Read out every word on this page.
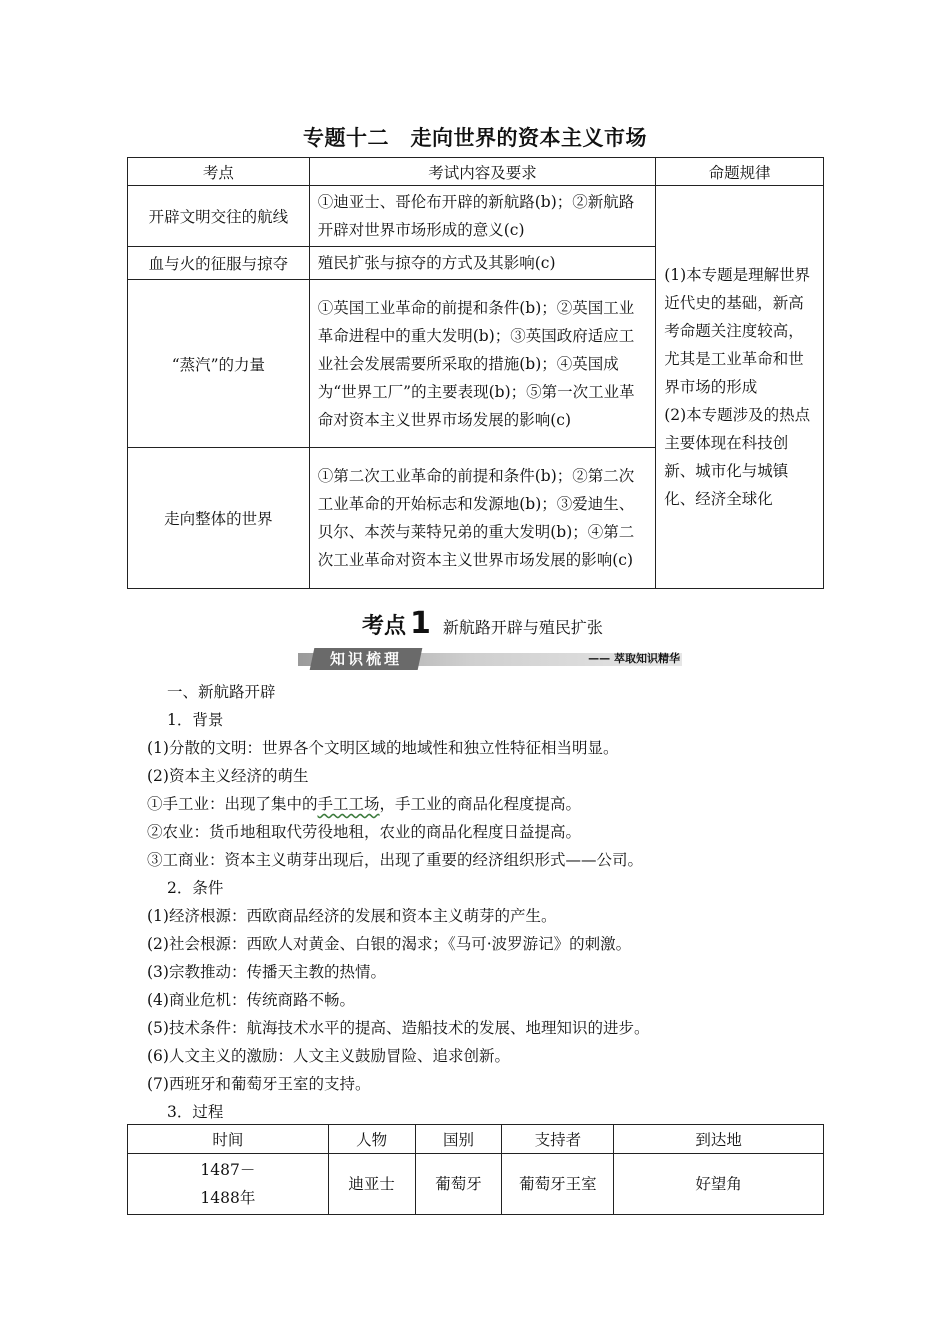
专题十二　走向世界的资本主义市场
考点	考试内容及要求	命题规律
开辟文明交往的航线	①迪亚士、哥伦布开辟的新航路(b)；②新航路开辟对世界市场形成的意义(c)	(1)本专题是理解世界近代史的基础，新高考命题关注度较高，尤其是工业革命和世界市场的形成
(2)本专题涉及的热点主要体现在科技创新、城市化与城镇化、经济全球化

血与火的征服与掠夺	殖民扩张与掠夺的方式及其影响(c)	
“蒸汽”的力量	①英国工业革命的前提和条件(b)；②英国工业革命进程中的重大发明(b)；③英国政府适应工业社会发展需要所采取的措施(b)；④英国成为“世界工厂”的主要表现(b)；⑤第一次工业革命对资本主义世界市场发展的影响(c)	
走向整体的世界	①第二次工业革命的前提和条件(b)；②第二次工业革命的开始标志和发源地(b)；③爱迪生、贝尔、本茨与莱特兄弟的重大发明(b)；④第二次工业革命对资本主义世界市场发展的影响(c)	
考点 1 新航路开辟与殖民扩张
知识梳理	—— 萃取知识精华
一、新航路开辟
1．背景
(1)分散的文明：世界各个文明区域的地域性和独立性特征相当明显。
(2)资本主义经济的萌生
①手工业：出现了集中的手工工场，手工业的商品化程度提高。
②农业：货币地租取代劳役地租，农业的商品化程度日益提高。
③工商业：资本主义萌芽出现后，出现了重要的经济组织形式——公司。
2．条件
(1)经济根源：西欧商品经济的发展和资本主义萌芽的产生。
(2)社会根源：西欧人对黄金、白银的渴求；《马可·波罗游记》的刺激。
(3)宗教推动：传播天主教的热情。
(4)商业危机：传统商路不畅。
(5)技术条件：航海技术水平的提高、造船技术的发展、地理知识的进步。
(6)人文主义的激励：人文主义鼓励冒险、追求创新。
(7)西班牙和葡萄牙王室的支持。
3．过程
时间	人物	国别	支持者	到达地

1487－
1488年	迪亚士	葡萄牙	葡萄牙王室	好望角
